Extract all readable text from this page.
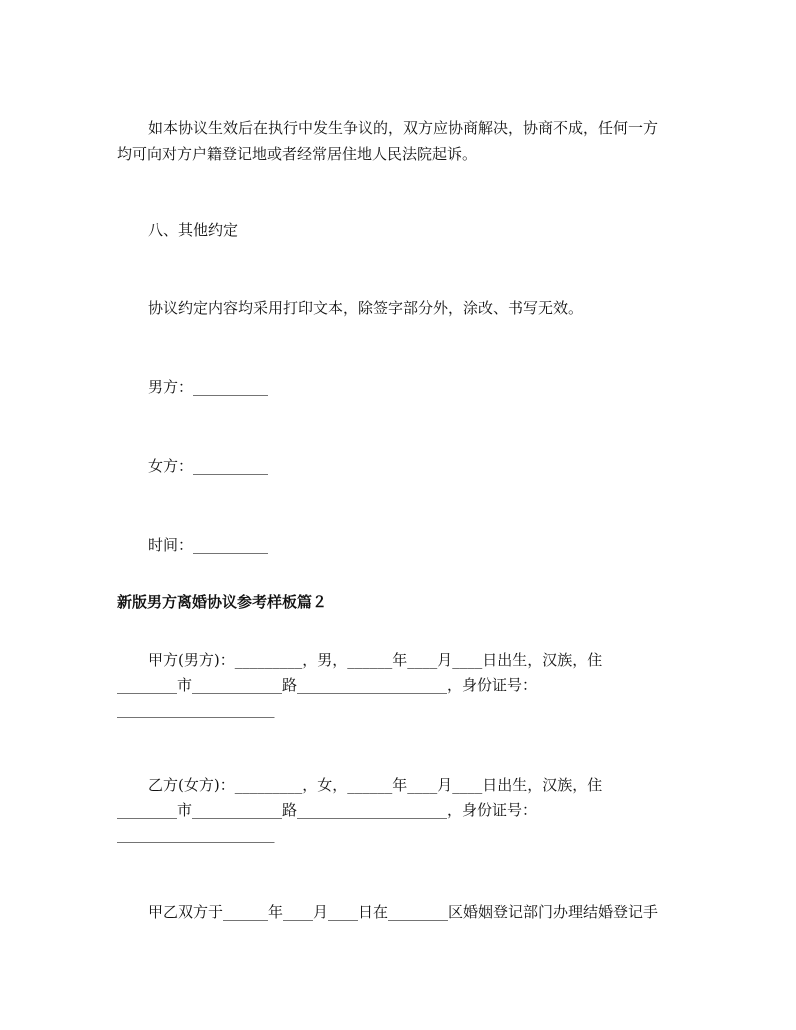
如本协议生效后在执行中发生争议的，双方应协商解决，协商不成，任何一方
均可向对方户籍登记地或者经常居住地人民法院起诉。
八、其他约定
协议约定内容均采用打印文本，除签字部分外，涂改、书写无效。
男方：__________
女方：__________
时间：__________
新版男方离婚协议参考样板篇２
甲方(男方)：_________，男，______年____月____日出生，汉族，住
________市____________路____________________，身份证号：
_____________________
乙方(女方)：_________，女，______年____月____日出生，汉族，住
________市____________路____________________，身份证号：
_____________________
甲乙双方于______年____月____日在________区婚姻登记部门办理结婚登记手
